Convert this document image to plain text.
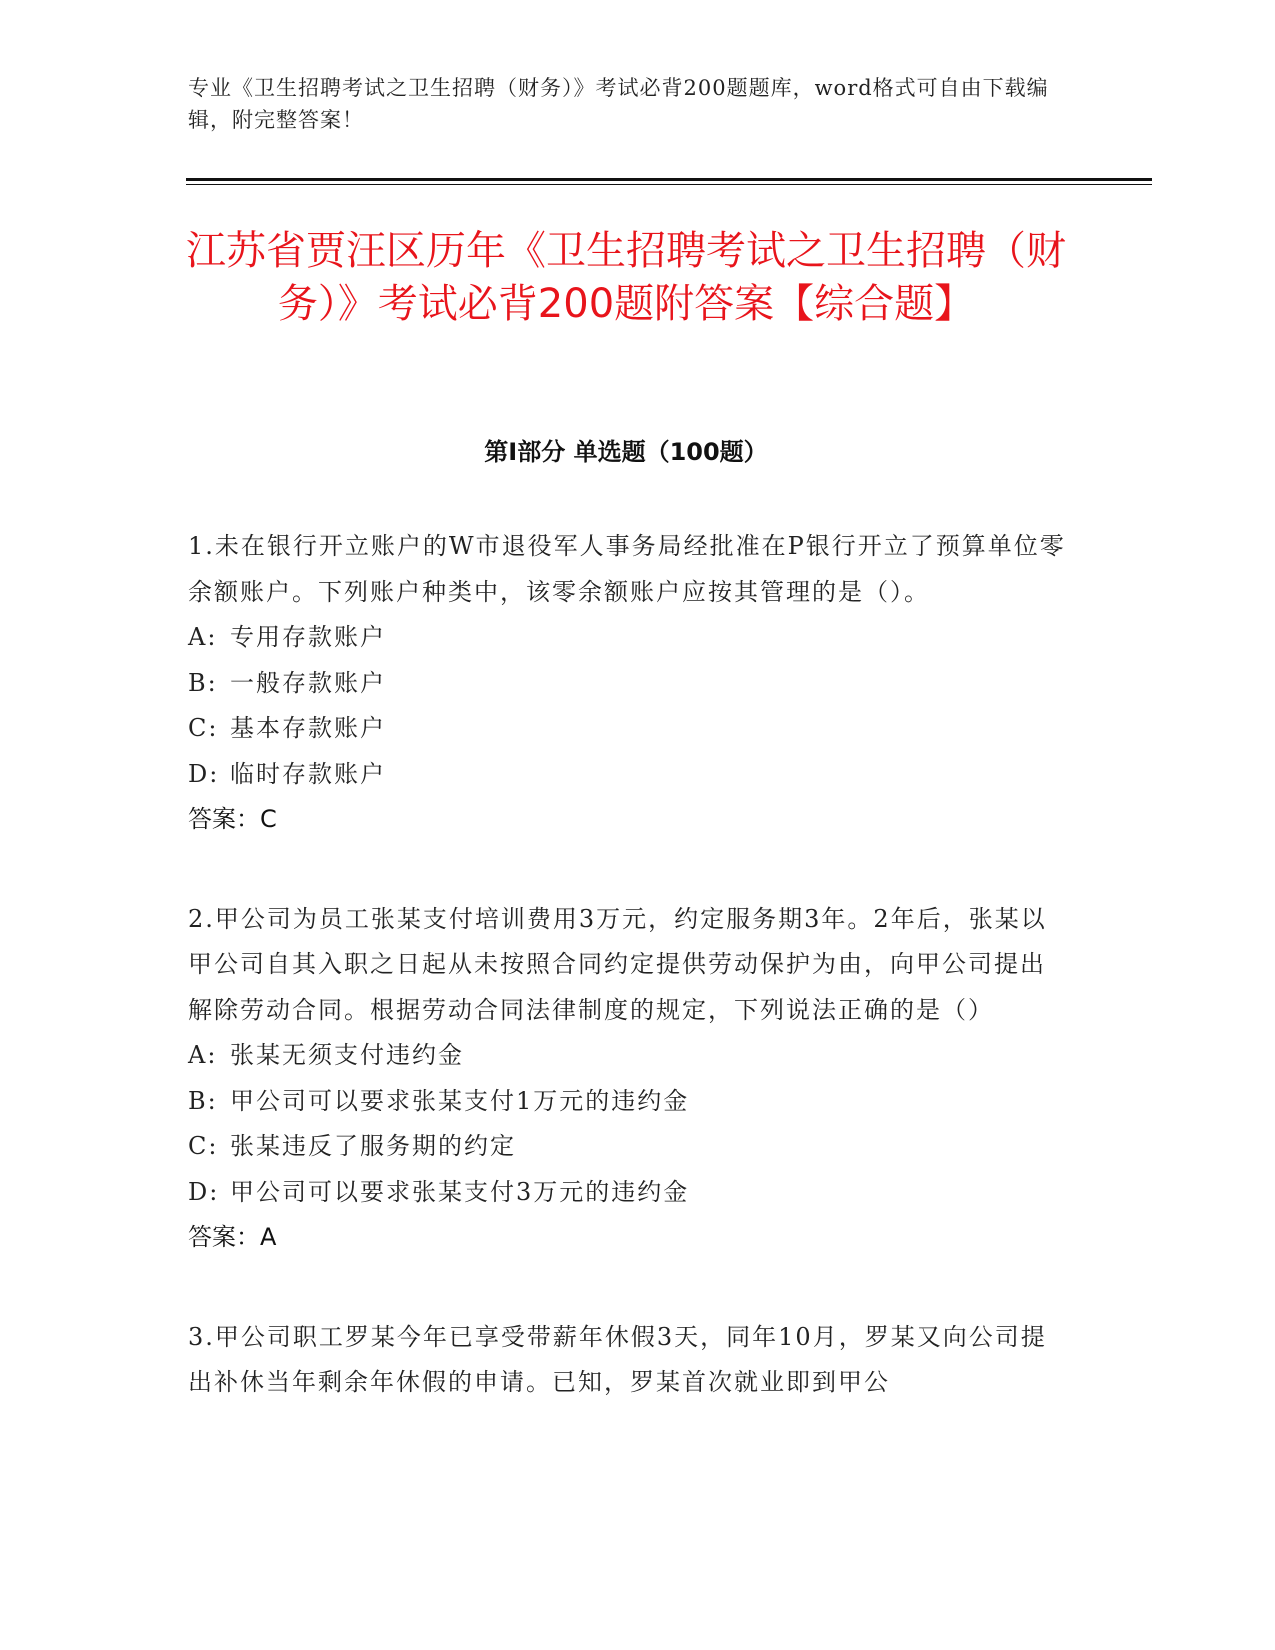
专业《卫生招聘考试之卫生招聘（财务）》考试必背200题题库，word格式可自由下载编辑，附完整答案！
江苏省贾汪区历年《卫生招聘考试之卫生招聘（财务）》考试必背200题附答案【综合题】
第Ⅰ部分 单选题（100题）

1.未在银行开立账户的W市退役军人事务局经批准在P银行开立了预算单位零余额账户。下列账户种类中，该零余额账户应按其管理的是（）。

A: 专用存款账户

B: 一般存款账户

C: 基本存款账户

D: 临时存款账户

答案：C

2.甲公司为员工张某支付培训费用3万元，约定服务期3年。2年后，张某以甲公司自其入职之日起从未按照合同约定提供劳动保护为由，向甲公司提出解除劳动合同。根据劳动合同法律制度的规定，下列说法正确的是（）

A: 张某无须支付违约金

B: 甲公司可以要求张某支付1万元的违约金

C: 张某违反了服务期的约定

D: 甲公司可以要求张某支付3万元的违约金

答案：A

3.甲公司职工罗某今年已享受带薪年休假3天，同年10月，罗某又向公司提出补休当年剩余年休假的申请。已知，罗某首次就业即到甲公
